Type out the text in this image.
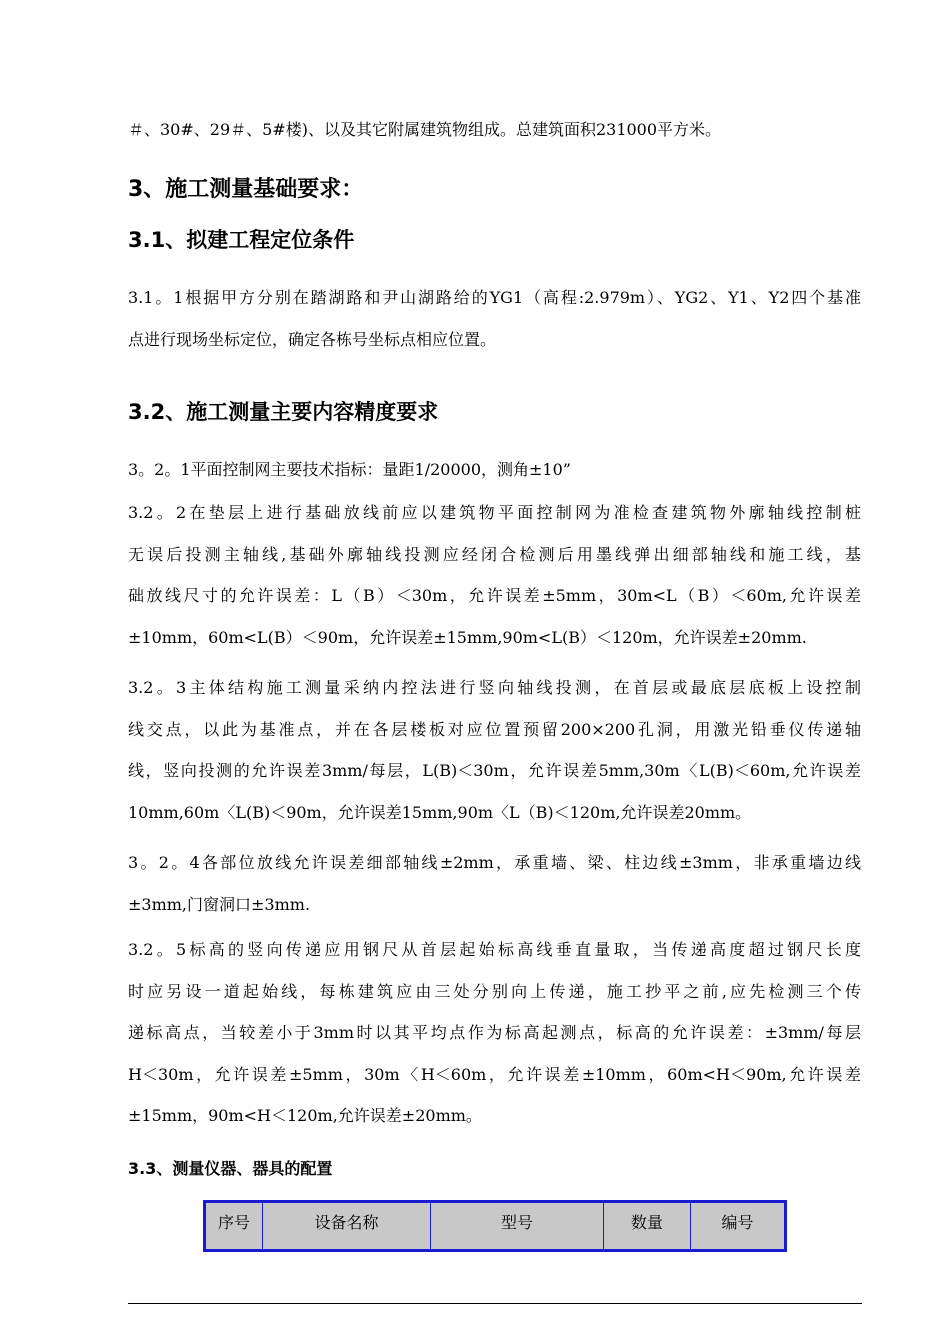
＃、30#、29＃、5#楼)、以及其它附属建筑物组成。总建筑面积231000平方米。
3、施工测量基础要求：
3.1、拟建工程定位条件
3.1。1根据甲方分别在踏湖路和尹山湖路给的YG1（高程:2.979m）、YG2、Y1、Y2四个基准
点进行现场坐标定位，确定各栋号坐标点相应位置。
3.2、施工测量主要内容精度要求
3。2。1平面控制网主要技术指标：量距1/20000，测角±10”
3.2。2在垫层上进行基础放线前应以建筑物平面控制网为准检查建筑物外廓轴线控制桩
无误后投测主轴线,基础外廓轴线投测应经闭合检测后用墨线弹出细部轴线和施工线，基
础放线尺寸的允许误差：L（B）＜30m，允许误差±5mm，30m<L（B）＜60m,允许误差
±10mm，60m<L(B）＜90m，允许误差±15mm,90m<L(B）＜120m，允许误差±20mm.
3.2。3主体结构施工测量采纳内控法进行竖向轴线投测，在首层或最底层底板上设控制
线交点，以此为基准点，并在各层楼板对应位置预留200×200孔洞，用激光铅垂仪传递轴
线，竖向投测的允许误差3mm/每层，L(B)＜30m，允许误差5mm,30m〈L(B)＜60m,允许误差
10mm,60m〈L(B)＜90m，允许误差15mm,90m〈L（B)＜120m,允许误差20mm。
3。2。4各部位放线允许误差细部轴线±2mm，承重墙、梁、柱边线±3mm，非承重墙边线
±3mm,门窗洞口±3mm.
3.2。5标高的竖向传递应用钢尺从首层起始标高线垂直量取，当传递高度超过钢尺长度
时应另设一道起始线，每栋建筑应由三处分别向上传递，施工抄平之前,应先检测三个传
递标高点，当较差小于3mm时以其平均点作为标高起测点，标高的允许误差：±3mm/每层
H＜30m，允许误差±5mm，30m〈H＜60m，允许误差±10mm，60m<H＜90m,允许误差
±15mm，90m<H＜120m,允许误差±20mm。
3.3、测量仪器、器具的配置
序号	设备名称	型号	数量	编号
